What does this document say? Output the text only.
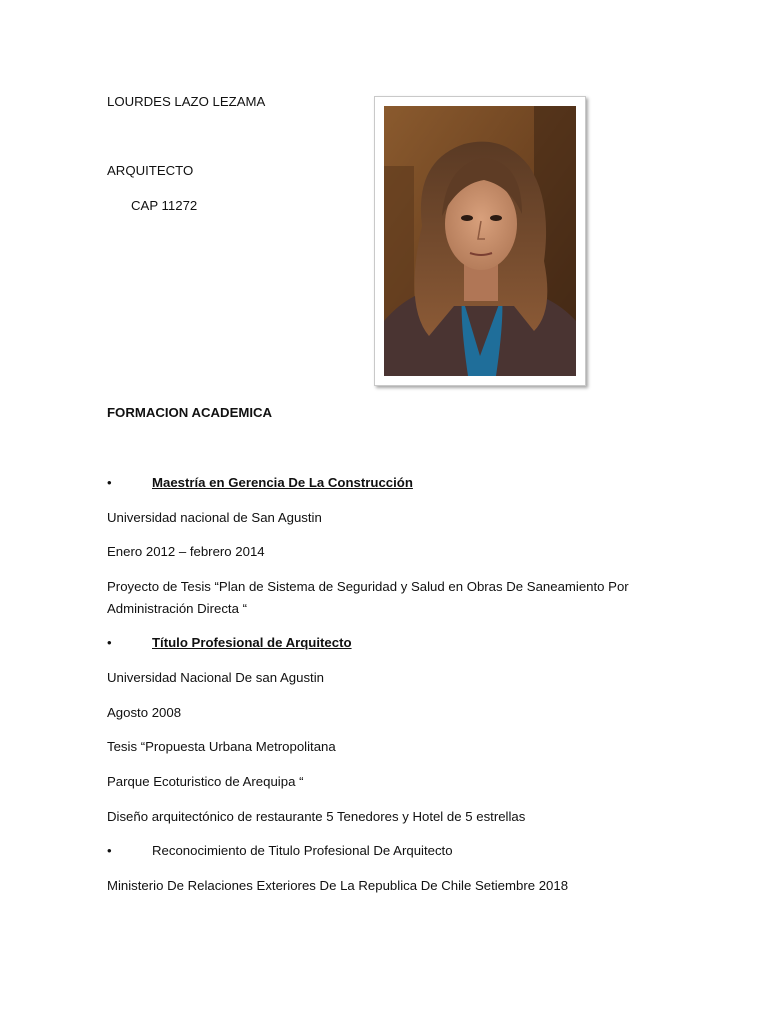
LOURDES LAZO LEZAMA
ARQUITECTO
CAP 11272
FORMACION ACADEMICA
•	Maestría en Gerencia De La Construcción
Universidad nacional de San Agustin
Enero 2012 – febrero 2014
Proyecto de Tesis “Plan de Sistema de Seguridad y Salud en Obras De Saneamiento Por
Administración Directa “
•	Título Profesional de Arquitecto
Universidad Nacional De san Agustin
Agosto 2008
Tesis “Propuesta Urbana Metropolitana
Parque Ecoturistico de Arequipa “
Diseño arquitectónico de restaurante 5 Tenedores y Hotel de 5 estrellas
•	Reconocimiento de Titulo Profesional De Arquitecto
Ministerio De Relaciones Exteriores De La Republica De Chile Setiembre 2018
